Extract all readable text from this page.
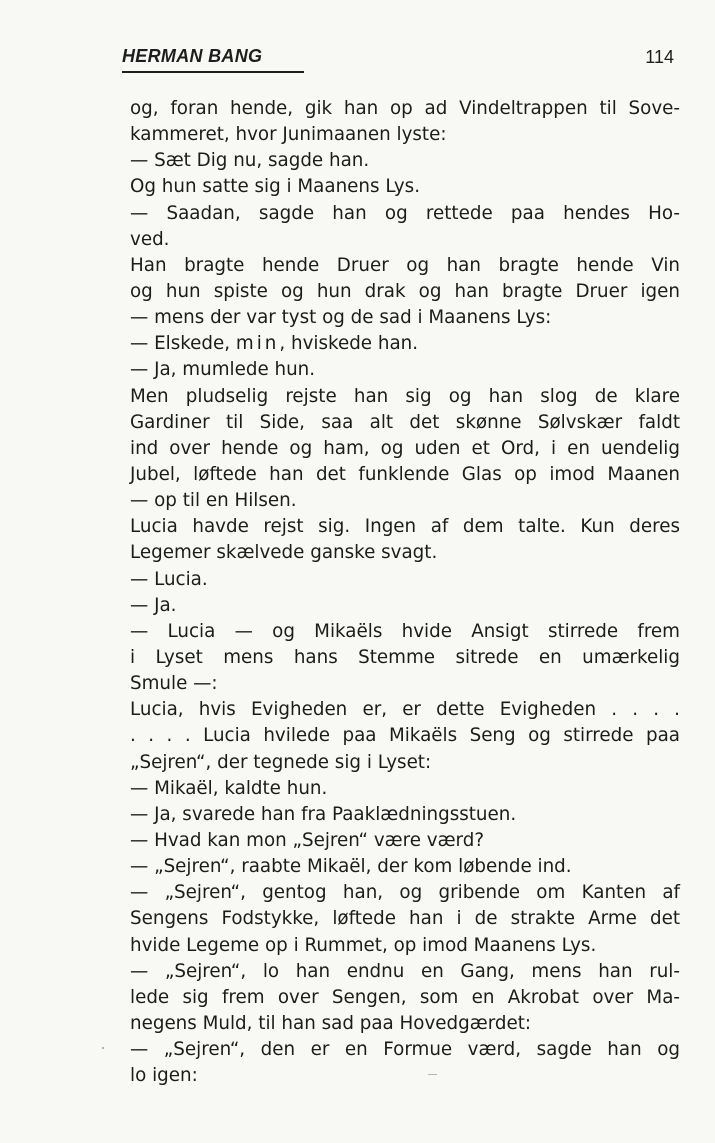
HERMAN BANG	114
og, foran hende, gik han op ad Vindeltrappen til Sove-
kammeret, hvor Junimaanen lyste:
— Sæt Dig nu, sagde han.
Og hun satte sig i Maanens Lys.
— Saadan, sagde han og rettede paa hendes Ho-
ved.
Han bragte hende Druer og han bragte hende Vin
og hun spiste og hun drak og han bragte Druer igen
— mens der var tyst og de sad i Maanens Lys:
— Elskede, min, hviskede han.
— Ja, mumlede hun.
Men pludselig rejste han sig og han slog de klare
Gardiner til Side, saa alt det skønne Sølvskær faldt
ind over hende og ham, og uden et Ord, i en uendelig
Jubel, løftede han det funklende Glas op imod Maanen
— op til en Hilsen.
Lucia havde rejst sig. Ingen af dem talte. Kun deres
Legemer skælvede ganske svagt.
— Lucia.
— Ja.
— Lucia — og Mikaëls hvide Ansigt stirrede frem
i Lyset mens hans Stemme sitrede en umærkelig
Smule —:
Lucia, hvis Evigheden er, er dette Evigheden . . . .
. . . . Lucia hvilede paa Mikaëls Seng og stirrede paa
„Sejren“, der tegnede sig i Lyset:
— Mikaël, kaldte hun.
— Ja, svarede han fra Paaklædningsstuen.
— Hvad kan mon „Sejren“ være værd?
— „Sejren“, raabte Mikaël, der kom løbende ind.
— „Sejren“, gentog han, og gribende om Kanten af
Sengens Fodstykke, løftede han i de strakte Arme det
hvide Legeme op i Rummet, op imod Maanens Lys.
— „Sejren“, lo han endnu en Gang, mens han rul-
lede sig frem over Sengen, som en Akrobat over Ma-
negens Muld, til han sad paa Hovedgærdet:
— „Sejren“, den er en Formue værd, sagde han og
lo igen:
